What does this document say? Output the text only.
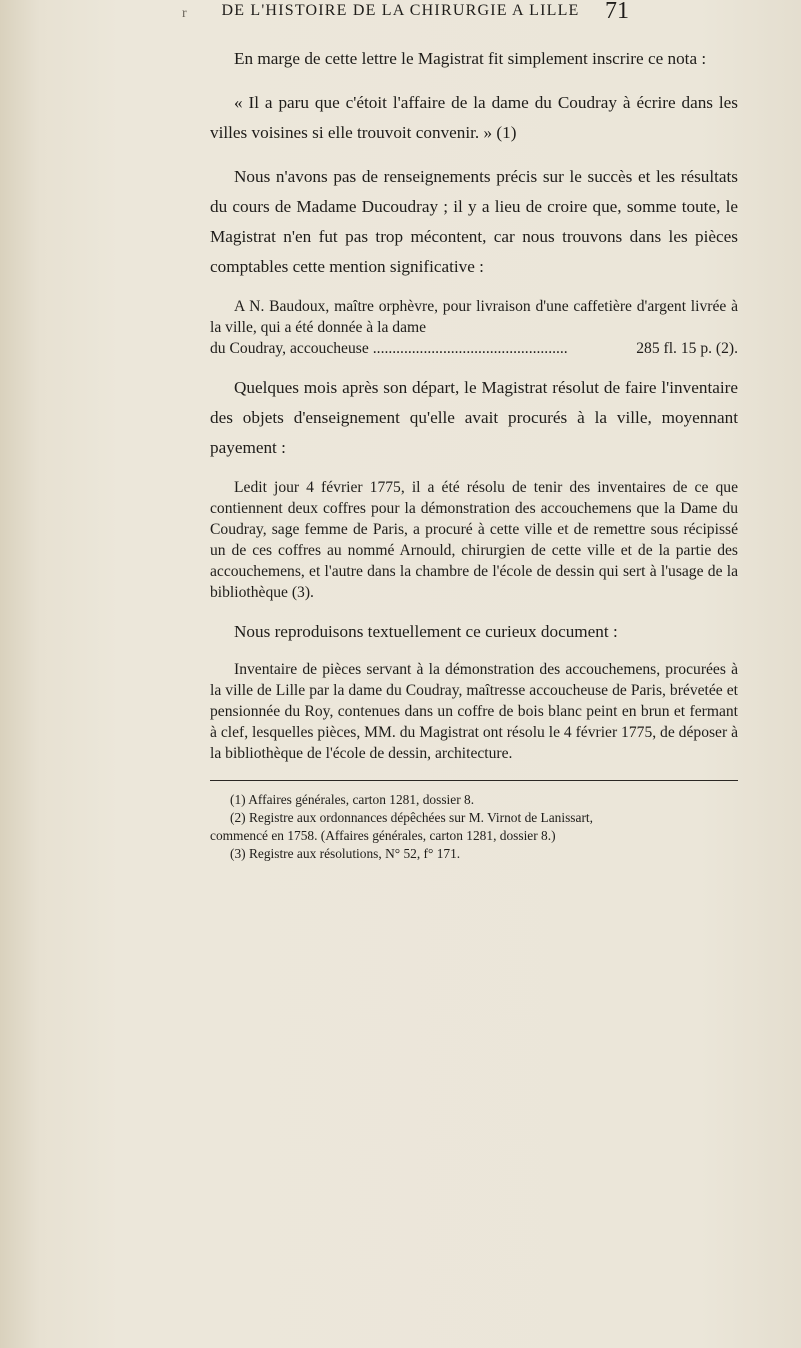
r	DE L'HISTOIRE DE LA CHIRURGIE A LILLE	71

En marge de cette lettre le Magistrat fit simplement inscrire ce nota :

« Il a paru que c'étoit l'affaire de la dame du Coudray à écrire dans les villes voisines si elle trouvoit convenir. » (1)

Nous n'avons pas de renseignements précis sur le succès et les résultats du cours de Madame Ducoudray ; il y a lieu de croire que, somme toute, le Magistrat n'en fut pas trop mécontent, car nous trouvons dans les pièces comptables cette mention significative :

A N. Baudoux, maître orphèvre, pour livraison d'une caffetière d'argent livrée à la ville, qui a été donnée à la dame

du Coudray, accoucheuse ..................................................	285 fl. 15 p. (2).

Quelques mois après son départ, le Magistrat résolut de faire l'inventaire des objets d'enseignement qu'elle avait procurés à la ville, moyennant payement :

Ledit jour 4 février 1775, il a été résolu de tenir des inventaires de ce que contiennent deux coffres pour la démonstration des accouchemens que la Dame du Coudray, sage femme de Paris, a procuré à cette ville et de remettre sous récipissé un de ces coffres au nommé Arnould, chirurgien de cette ville et de la partie des accouchemens, et l'autre dans la chambre de l'école de dessin qui sert à l'usage de la bibliothèque (3).

Nous reproduisons textuellement ce curieux document :

Inventaire de pièces servant à la démonstration des accouchemens, procurées à la ville de Lille par la dame du Coudray, maîtresse accoucheuse de Paris, brévetée et pensionnée du Roy, contenues dans un coffre de bois blanc peint en brun et fermant à clef, lesquelles pièces, MM. du Magistrat ont résolu le 4 février 1775, de déposer à la bibliothèque de l'école de dessin, architecture.

(1) Affaires générales, carton 1281, dossier 8.

(2) Registre aux ordonnances dépêchées sur M. Virnot de Lanissart,

commencé en 1758. (Affaires générales, carton 1281, dossier 8.)

(3) Registre aux résolutions, N° 52, f° 171.
